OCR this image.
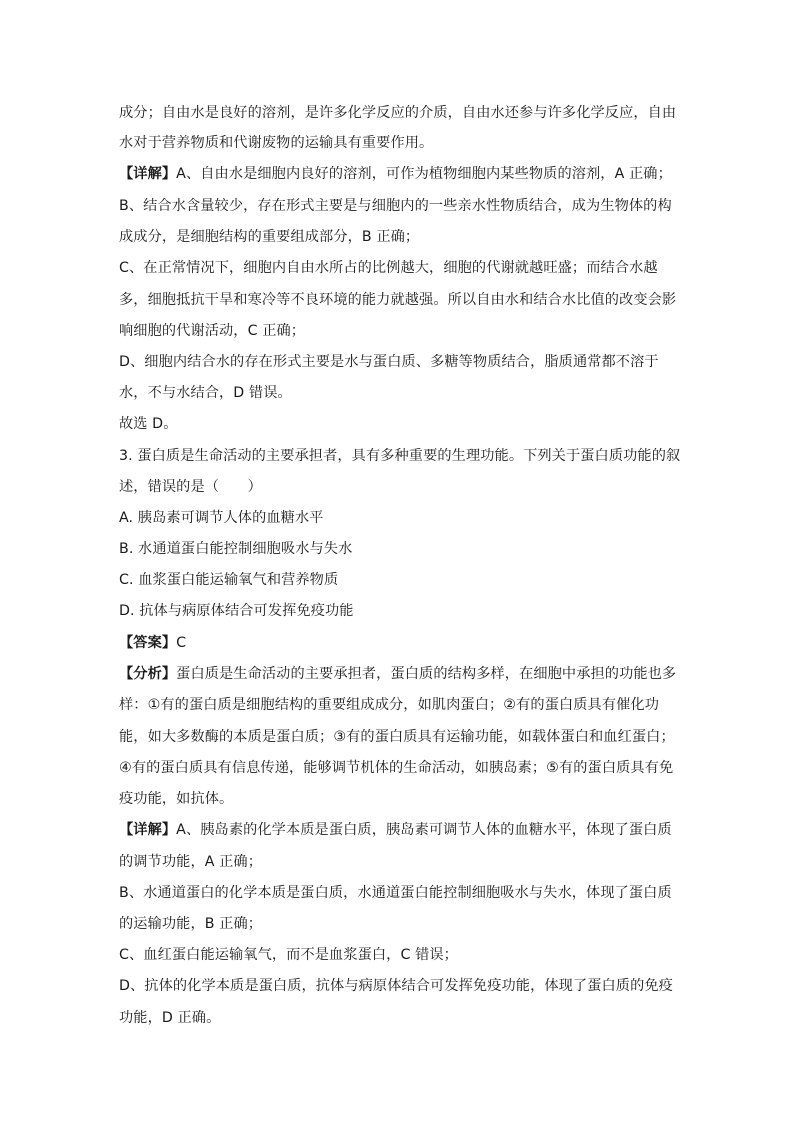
成分；自由水是良好的溶剂，是许多化学反应的介质，自由水还参与许多化学反应，自由
水对于营养物质和代谢废物的运输具有重要作用。
【详解】A、自由水是细胞内良好的溶剂，可作为植物细胞内某些物质的溶剂，A 正确；
B、结合水含量较少，存在形式主要是与细胞内的一些亲水性物质结合，成为生物体的构
成成分，是细胞结构的重要组成部分，B 正确；
C、在正常情况下，细胞内自由水所占的比例越大，细胞的代谢就越旺盛；而结合水越
多，细胞抵抗干旱和寒冷等不良环境的能力就越强。所以自由水和结合水比值的改变会影
响细胞的代谢活动，C 正确；
D、细胞内结合水的存在形式主要是水与蛋白质、多糖等物质结合，脂质通常都不溶于
水，不与水结合，D 错误。
故选 D。
3. 蛋白质是生命活动的主要承担者，具有多种重要的生理功能。下列关于蛋白质功能的叙
述，错误的是（　　）
A. 胰岛素可调节人体的血糖水平
B. 水通道蛋白能控制细胞吸水与失水
C. 血浆蛋白能运输氧气和营养物质
D. 抗体与病原体结合可发挥免疫功能
【答案】C
【分析】蛋白质是生命活动的主要承担者，蛋白质的结构多样，在细胞中承担的功能也多
样：①有的蛋白质是细胞结构的重要组成成分，如肌肉蛋白；②有的蛋白质具有催化功
能，如大多数酶的本质是蛋白质；③有的蛋白质具有运输功能，如载体蛋白和血红蛋白；
④有的蛋白质具有信息传递，能够调节机体的生命活动，如胰岛素；⑤有的蛋白质具有免
疫功能，如抗体。
【详解】A、胰岛素的化学本质是蛋白质，胰岛素可调节人体的血糖水平，体现了蛋白质
的调节功能，A 正确；
B、水通道蛋白的化学本质是蛋白质，水通道蛋白能控制细胞吸水与失水，体现了蛋白质
的运输功能，B 正确；
C、血红蛋白能运输氧气，而不是血浆蛋白，C 错误；
D、抗体的化学本质是蛋白质，抗体与病原体结合可发挥免疫功能，体现了蛋白质的免疫
功能，D 正确。
